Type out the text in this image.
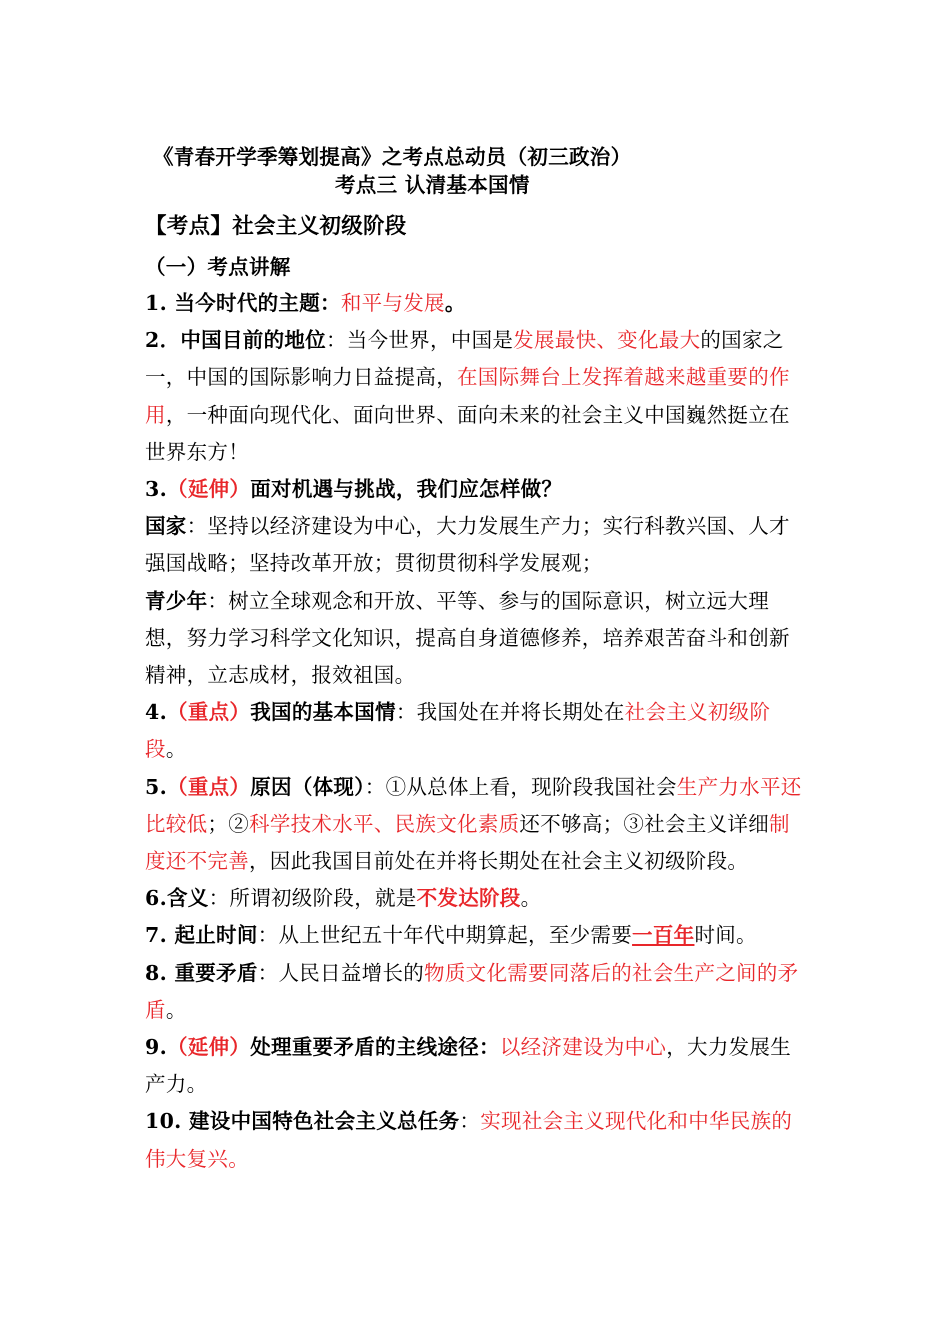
《青春开学季筹划提高》之考点总动员（初三政治）
考点三 认清基本国情
【考点】社会主义初级阶段
（一）考点讲解

1. 当今时代的主题：和平与发展。

2．中国目前的地位：当今世界，中国是发展最快、变化最大的国家之一，中国的国际影响力日益提高，在国际舞台上发挥着越来越重要的作用，一种面向现代化、面向世界、面向未来的社会主义中国巍然挺立在世界东方！

3.（延伸）面对机遇与挑战，我们应怎样做？

国家：坚持以经济建设为中心，大力发展生产力；实行科教兴国、人才强国战略；坚持改革开放；贯彻贯彻科学发展观；

青少年：树立全球观念和开放、平等、参与的国际意识，树立远大理想，努力学习科学文化知识，提高自身道德修养，培养艰苦奋斗和创新精神，立志成材，报效祖国。

4.（重点）我国的基本国情：我国处在并将长期处在社会主义初级阶段。

5.（重点）原因（体现）：①从总体上看，现阶段我国社会生产力水平还比较低；②科学技术水平、民族文化素质还不够高；③社会主义详细制度还不完善，因此我国目前处在并将长期处在社会主义初级阶段。

6.含义：所谓初级阶段，就是不发达阶段。

7. 起止时间：从上世纪五十年代中期算起，至少需要一百年时间。

8. 重要矛盾：人民日益增长的物质文化需要同落后的社会生产之间的矛盾。

9.（延伸）处理重要矛盾的主线途径：以经济建设为中心，大力发展生产力。

10. 建设中国特色社会主义总任务：实现社会主义现代化和中华民族的伟大复兴。
